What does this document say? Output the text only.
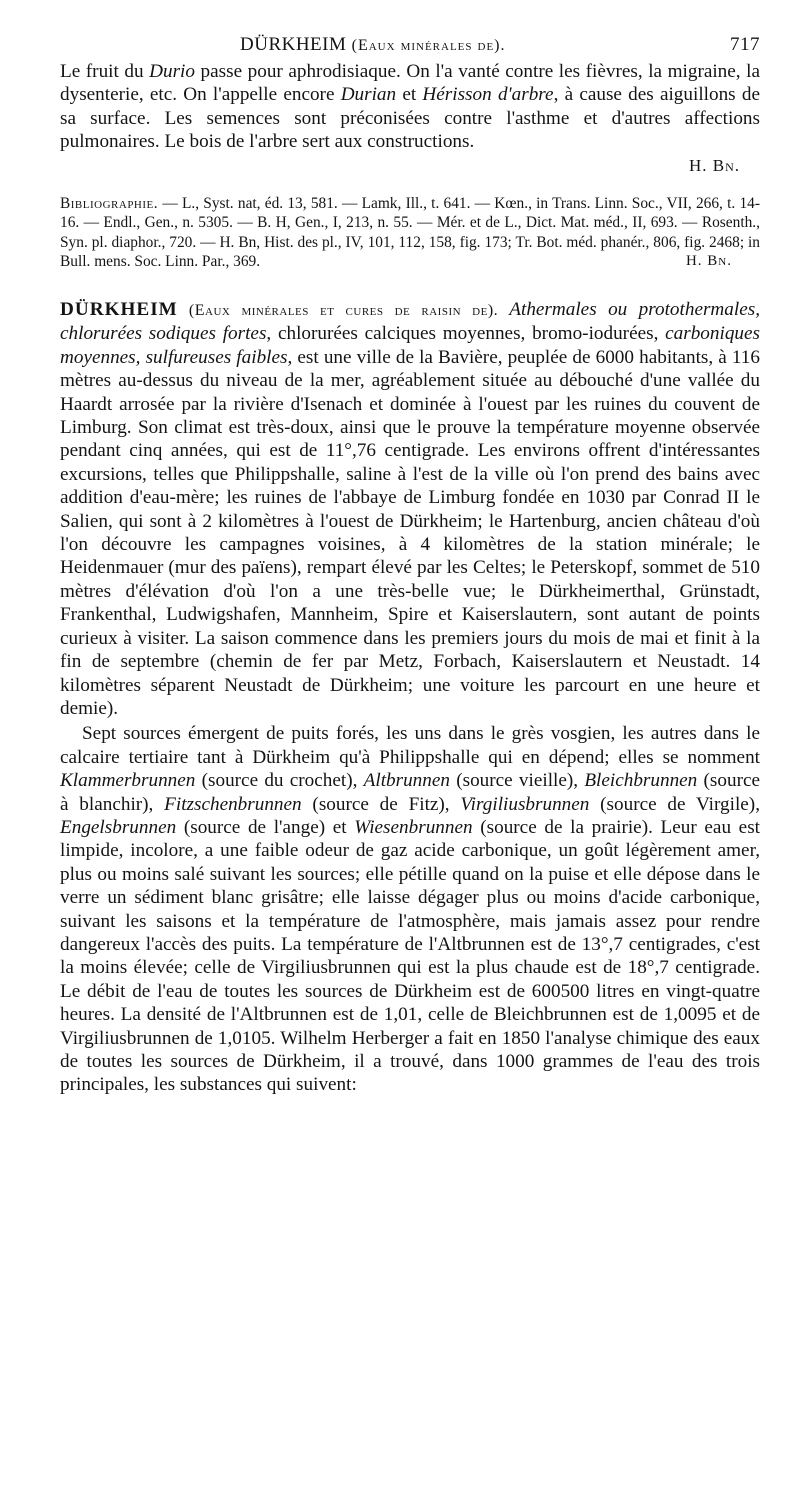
DÜRKHEIM (Eaux minérales de).	717

Le fruit du Durio passe pour aphrodisiaque. On l'a vanté contre les fièvres, la migraine, la dysenterie, etc. On l'appelle encore Durian et Hérisson d'arbre, à cause des aiguillons de sa surface. Les semences sont préconisées contre l'asthme et d'autres affections pulmonaires. Le bois de l'arbre sert aux constructions.

H. Bn.

Bibliographie. — L., Syst. nat, éd. 13, 581. — Lamk, Ill., t. 641. — Kœn., in Trans. Linn. Soc., VII, 266, t. 14-16. — Endl., Gen., n. 5305. — B. H, Gen., I, 213, n. 55. — Mér. et de L., Dict. Mat. méd., II, 693. — Rosenth., Syn. pl. diaphor., 720. — H. Bn, Hist. des pl., IV, 101, 112, 158, fig. 173; Tr. Bot. méd. phanér., 806, fig. 2468; in Bull. mens. Soc. Linn. Par., 369.	H. Bn.

DÜRKHEIM (Eaux minérales et cures de raisin de). Athermales ou protothermales, chlorurées sodiques fortes, chlorurées calciques moyennes, bromo-iodurées, carboniques moyennes, sulfureuses faibles, est une ville de la Bavière, peuplée de 6000 habitants, à 116 mètres au-dessus du niveau de la mer, agréablement située au débouché d'une vallée du Haardt arrosée par la rivière d'Isenach et dominée à l'ouest par les ruines du couvent de Limburg. Son climat est très-doux, ainsi que le prouve la température moyenne observée pendant cinq années, qui est de 11°,76 centigrade. Les environs offrent d'intéressantes excursions, telles que Philippshalle, saline à l'est de la ville où l'on prend des bains avec addition d'eau-mère; les ruines de l'abbaye de Limburg fondée en 1030 par Conrad II le Salien, qui sont à 2 kilomètres à l'ouest de Dürkheim; le Hartenburg, ancien château d'où l'on découvre les campagnes voisines, à 4 kilomètres de la station minérale; le Heidenmauer (mur des païens), rempart élevé par les Celtes; le Peterskopf, sommet de 510 mètres d'élévation d'où l'on a une très-belle vue; le Dürkheimerthal, Grünstadt, Frankenthal, Ludwigshafen, Mannheim, Spire et Kaiserslautern, sont autant de points curieux à visiter. La saison commence dans les premiers jours du mois de mai et finit à la fin de septembre (chemin de fer par Metz, Forbach, Kaiserslautern et Neustadt. 14 kilomètres séparent Neustadt de Dürkheim; une voiture les parcourt en une heure et demie).

Sept sources émergent de puits forés, les uns dans le grès vosgien, les autres dans le calcaire tertiaire tant à Dürkheim qu'à Philippshalle qui en dépend; elles se nomment Klammerbrunnen (source du crochet), Altbrunnen (source vieille), Bleichbrunnen (source à blanchir), Fitzschenbrunnen (source de Fitz), Virgiliusbrunnen (source de Virgile), Engelsbrunnen (source de l'ange) et Wiesenbrunnen (source de la prairie). Leur eau est limpide, incolore, a une faible odeur de gaz acide carbonique, un goût légèrement amer, plus ou moins salé suivant les sources; elle pétille quand on la puise et elle dépose dans le verre un sédiment blanc grisâtre; elle laisse dégager plus ou moins d'acide carbonique, suivant les saisons et la température de l'atmosphère, mais jamais assez pour rendre dangereux l'accès des puits. La température de l'Altbrunnen est de 13°,7 centigrades, c'est la moins élevée; celle de Virgiliusbrunnen qui est la plus chaude est de 18°,7 centigrade. Le débit de l'eau de toutes les sources de Dürkheim est de 600500 litres en vingt-quatre heures. La densité de l'Altbrunnen est de 1,01, celle de Bleichbrunnen est de 1,0095 et de Virgiliusbrunnen de 1,0105. Wilhelm Herberger a fait en 1850 l'analyse chimique des eaux de toutes les sources de Dürkheim, il a trouvé, dans 1000 grammes de l'eau des trois principales, les substances qui suivent:
